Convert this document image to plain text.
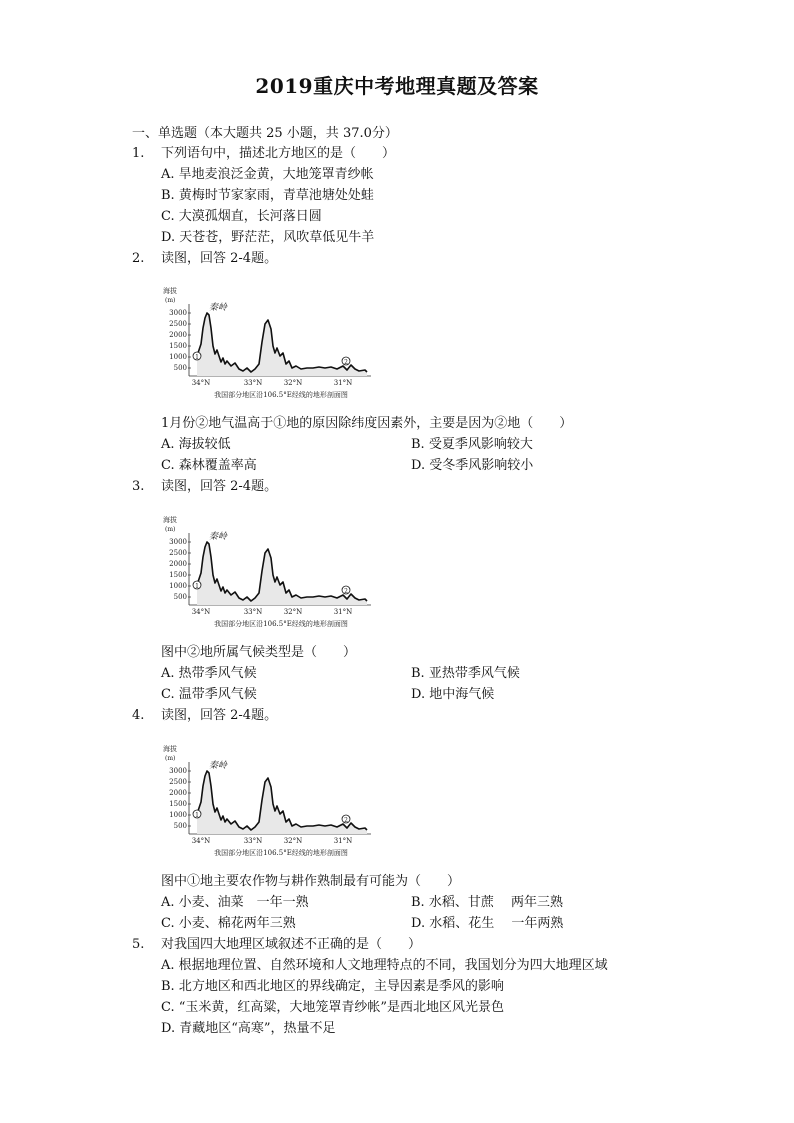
2019重庆中考地理真题及答案
一、单选题（本大题共 25 小题，共 37.0分）
1. 下列语句中，描述北方地区的是（　　）
A. 旱地麦浪泛金黄，大地笼罩青纱帐
B. 黄梅时节家家雨，青草池塘处处蛙
C. 大漠孤烟直，长河落日圆
D. 天苍苍，野茫茫，风吹草低见牛羊
2. 读图，回答 2-4题。
海拔
(m)
3000
2500
2000
1500
1000
500
34°N	33°N	32°N	31°N
秦岭
1
2
我国部分地区沿106.5°E经线的地形剖面图
1月份②地气温高于①地的原因除纬度因素外，主要是因为②地（　　）
A. 海拔较低	B. 受夏季风影响较大
C. 森林覆盖率高	D. 受冬季风影响较小
3. 读图，回答 2-4题。
海拔
(m)
3000
2500
2000
1500
1000
500
34°N	33°N	32°N	31°N
秦岭
1
2
我国部分地区沿106.5°E经线的地形剖面图
图中②地所属气候类型是（　　）
A. 热带季风气候	B. 亚热带季风气候
C. 温带季风气候	D. 地中海气候
4. 读图，回答 2-4题。
海拔
(m)
3000
2500
2000
1500
1000
500
34°N	33°N	32°N	31°N
秦岭
1
2
我国部分地区沿106.5°E经线的地形剖面图
图中①地主要农作物与耕作熟制最有可能为（　　）
A. 小麦、油菜　一年一熟	B. 水稻、甘蔗　 两年三熟
C. 小麦、棉花两年三熟	D. 水稻、花生　 一年两熟
5. 对我国四大地理区域叙述不正确的是（　　）
A. 根据地理位置、自然环境和人文地理特点的不同，我国划分为四大地理区域
B. 北方地区和西北地区的界线确定，主导因素是季风的影响
C. “玉米黄，红高粱，大地笼罩青纱帐”是西北地区风光景色
D. 青藏地区“高寒”，热量不足
